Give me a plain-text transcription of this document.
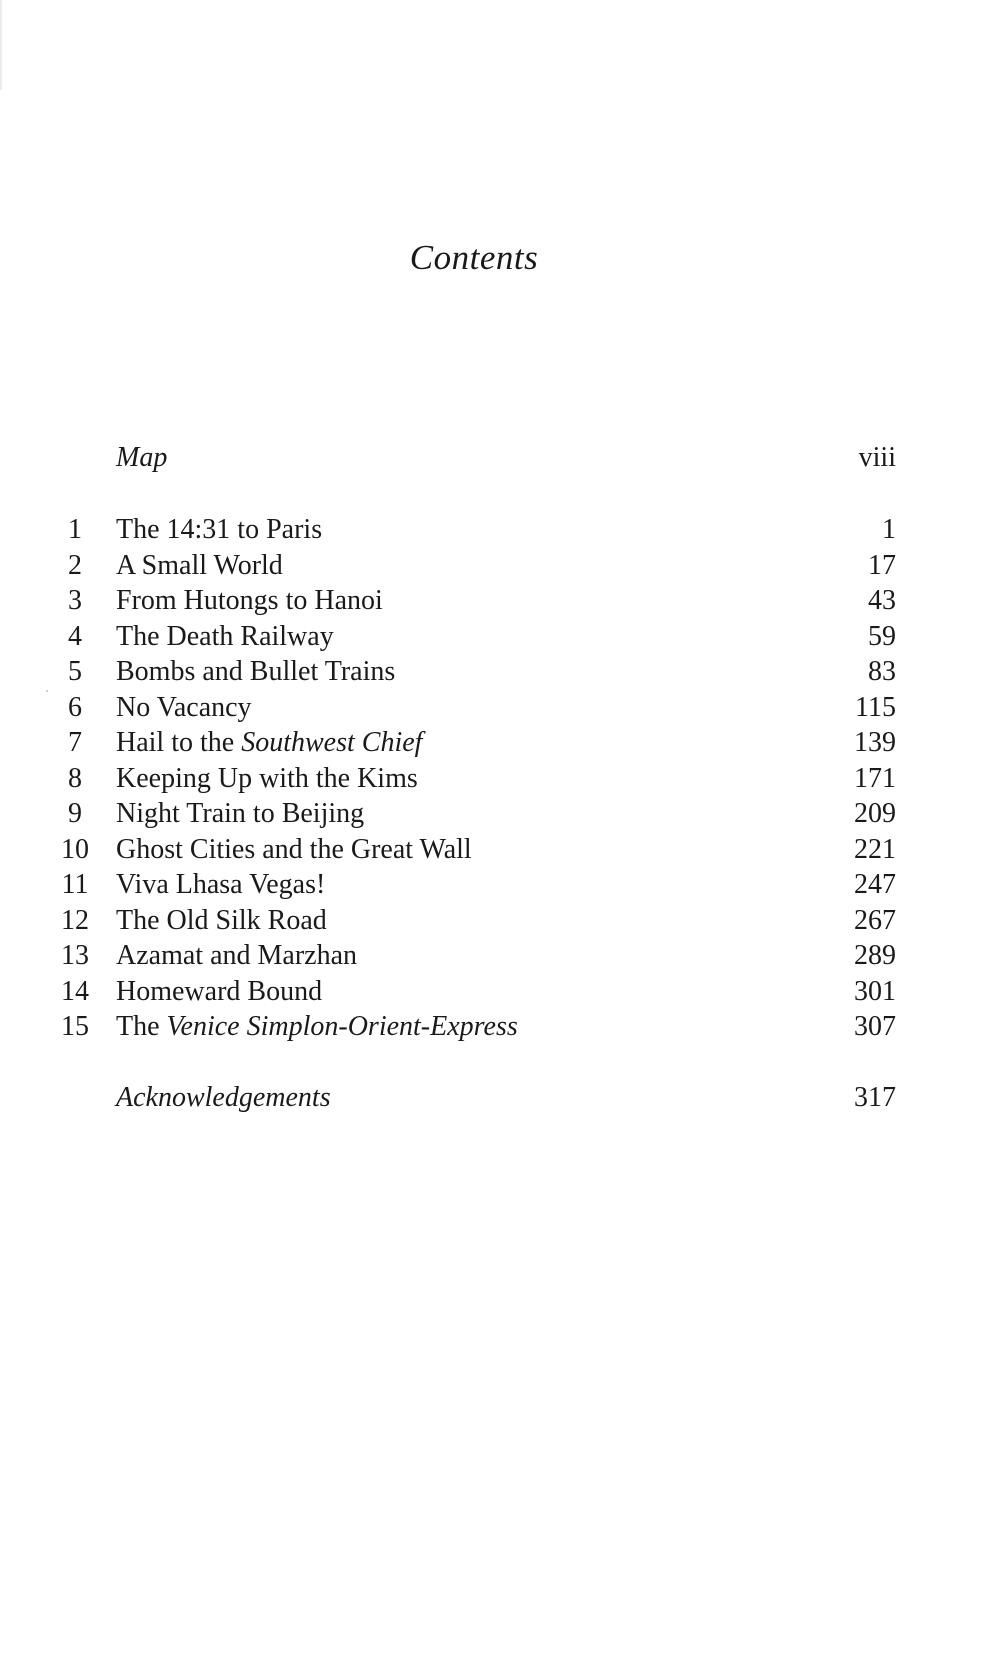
Contents
Map	viii
1 The 14:31 to Paris	1
2 A Small World	17
3 From Hutongs to Hanoi	43
4 The Death Railway	59
5 Bombs and Bullet Trains	83
6 No Vacancy	115
7 Hail to the Southwest Chief	139
8 Keeping Up with the Kims	171
9 Night Train to Beijing	209
10 Ghost Cities and the Great Wall	221
11 Viva Lhasa Vegas!	247
12 The Old Silk Road	267
13 Azamat and Marzhan	289
14 Homeward Bound	301
15 The Venice Simplon-Orient-Express	307
Acknowledgements	317
